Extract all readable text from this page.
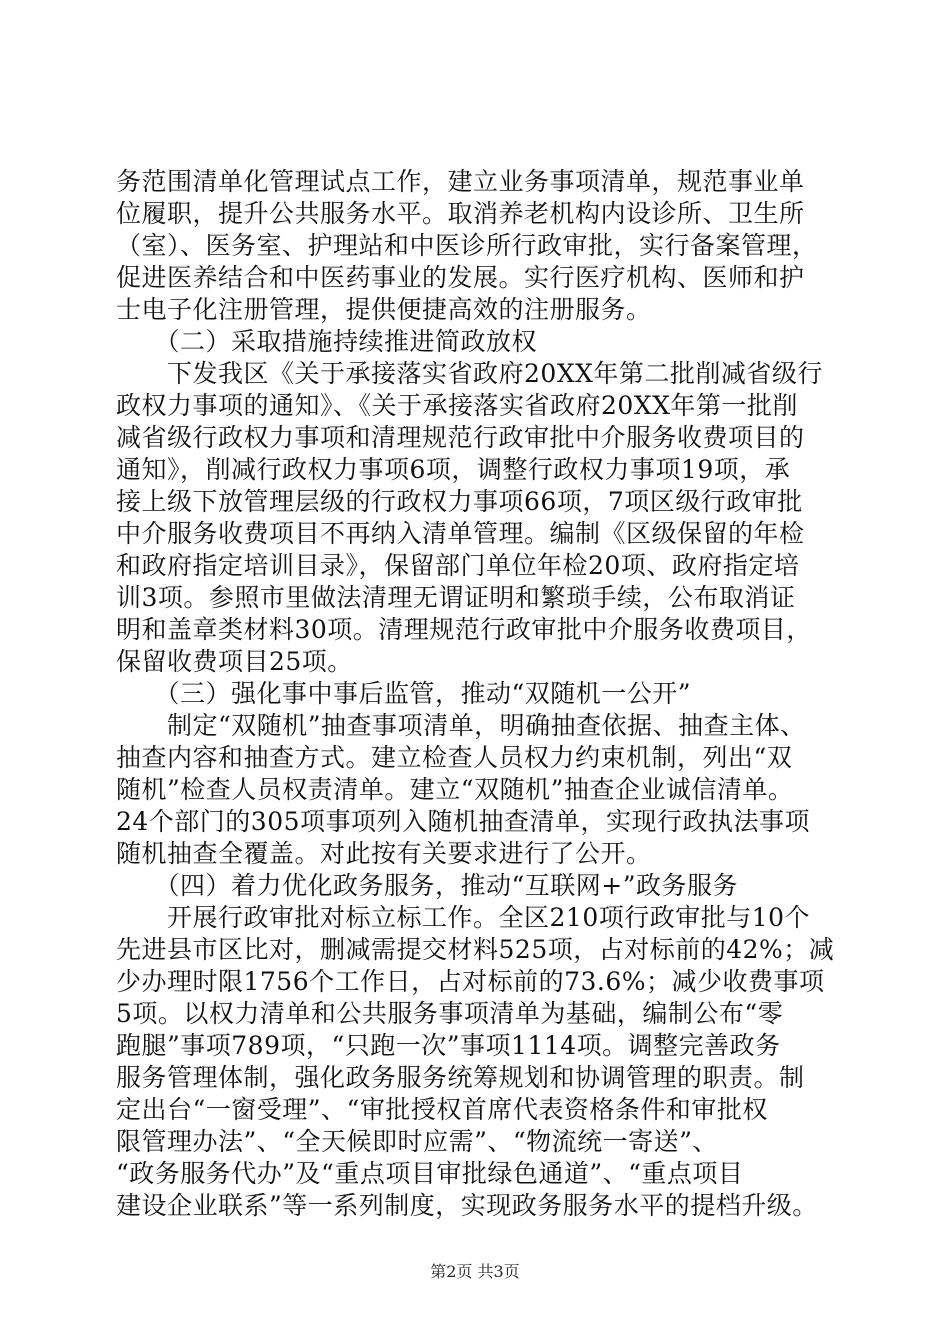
务范围清单化管理试点工作，建立业务事项清单，规范事业单
位履职，提升公共服务水平。取消养老机构内设诊所、卫生所
（室）、医务室、护理站和中医诊所行政审批，实行备案管理，
促进医养结合和中医药事业的发展。实行医疗机构、医师和护
士电子化注册管理，提供便捷高效的注册服务。
　　（二）采取措施持续推进简政放权
　　下发我区《关于承接落实省政府20XX年第二批削减省级行
政权力事项的通知》、《关于承接落实省政府20XX年第一批削
减省级行政权力事项和清理规范行政审批中介服务收费项目的
通知》，削减行政权力事项6项，调整行政权力事项19项，承
接上级下放管理层级的行政权力事项66项，7项区级行政审批
中介服务收费项目不再纳入清单管理。编制《区级保留的年检
和政府指定培训目录》，保留部门单位年检20项、政府指定培
训3项。参照市里做法清理无谓证明和繁琐手续，公布取消证
明和盖章类材料30项。清理规范行政审批中介服务收费项目，
保留收费项目25项。
　　（三）强化事中事后监管，推动“双随机一公开”
　　制定“双随机”抽查事项清单，明确抽查依据、抽查主体、
抽查内容和抽查方式。建立检查人员权力约束机制，列出“双
随机”检查人员权责清单。建立“双随机”抽查企业诚信清单。
24个部门的305项事项列入随机抽查清单，实现行政执法事项
随机抽查全覆盖。对此按有关要求进行了公开。
　　（四）着力优化政务服务，推动“互联网+”政务服务
　　开展行政审批对标立标工作。全区210项行政审批与10个
先进县市区比对，删减需提交材料525项，占对标前的42%；减
少办理时限1756个工作日，占对标前的73.6%；减少收费事项
5项。以权力清单和公共服务事项清单为基础，编制公布“零
跑腿”事项789项，“只跑一次”事项1114项。调整完善政务
服务管理体制，强化政务服务统筹规划和协调管理的职责。制
定出台“一窗受理”、“审批授权首席代表资格条件和审批权
限管理办法”、“全天候即时应需”、“物流统一寄送”、
“政务服务代办”及“重点项目审批绿色通道”、“重点项目
建设企业联系”等一系列制度，实现政务服务水平的提档升级。
第2页 共3页
